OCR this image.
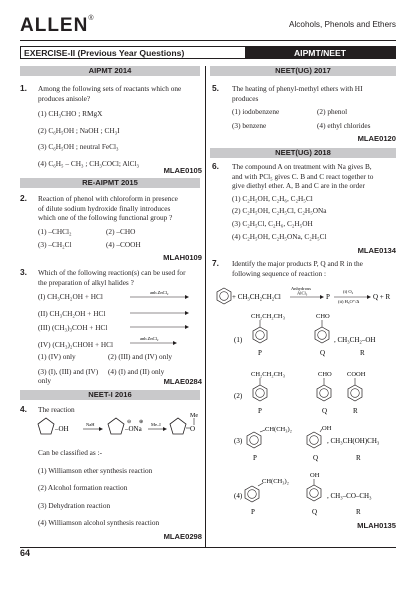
ALLEN®
Alcohols, Phenols and Ethers
EXERCISE-II (Previous Year Questions)	AIPMT/NEET
AIPMT 2014
1. Among the following sets of reactants which one
produces anisole?
(1) CH₃CHO ; RMgX
(2) C₆H₅OH ; NaOH ; CH₃I
(3) C₆H₅OH ; neutral FeCl₃
(4) C₆H₅ – CH₃ ; CH₃COCl; AlCl₃
MLAE0105
RE-AIPMT 2015
2. Reaction of phenol with chloroform in presence
of dilute sodium hydroxide finally introduces
which one of the following functional group ?
(1) –CHCl₂	(2) –CHO
(3) –CH₂Cl	(4) –COOH
MLAH0109
3. Which of the following reaction(s) can be used for
the preparation of alkyl halides ?
(I) CH₃CH₂OH + HCl
(II) CH₃CH₂OH + HCl
(III) (CH₃)₃COH + HCl
(IV) (CH₃)₂CHOH + HCl
anh.ZnCl₂
anh.ZnCl₂
(1) (IV) only	(2) (III) and (IV) only
(3) (I), (III) and (IV) only
(4) (I) and (II) only
MLAE0284
NEET-I 2016
4. The reaction
–OH
NaH
–ONa
⊖ ⊕ Me–I
O
Me
Can be classified as :-
(1) Williamson ether synthesis reaction
(2) Alcohol formation reaction
(3) Dehydration reaction
(4) Williamson alcohol synthesis reaction
MLAE0298
NEET(UG) 2017
5. The heating of phenyl-methyl ethers with HI
produces
(1) iodobenzene	(2) phenol
(3) benzene	(4) ethyl chlorides
MLAE0120
NEET(UG) 2018
6. The compound A on treatment with Na gives B,
and with PCl₅ gives C. B and C react together to
give diethyl ether. A, B and C are in the order
(1) C₂H₅OH, C₂H₆, C₂H₅Cl
(2) C₂H₅OH, C₂H₅Cl, C₂H₅ONa
(3) C₂H₅Cl, C₂H₆, C₂H₅OH
(4) C₂H₅OH, C₂H₅ONa, C₂H₅Cl
MLAE0134
7. Identify the major products P, Q and R in the
following sequence of reaction :
+ CH₃CH₂CH₂Cl
Anhydrous
AlCl₃	P
(i) O₂
(ii) H₃O⁺/Δ
Q + R
(1)
CH₂CH₂CH₃
P
CHO
Q
, CH₃CH₂–OH
R
(2)
CH₂CH₂CH₃
P
CHO
Q
COOH
R
(3)
CH(CH₃)₂
P
OH
Q
, CH₃CH(OH)CH₃
R
(4)
CH(CH₃)₂
P
OH
Q
, CH₃–CO–CH₃
R
MLAH0135
64
